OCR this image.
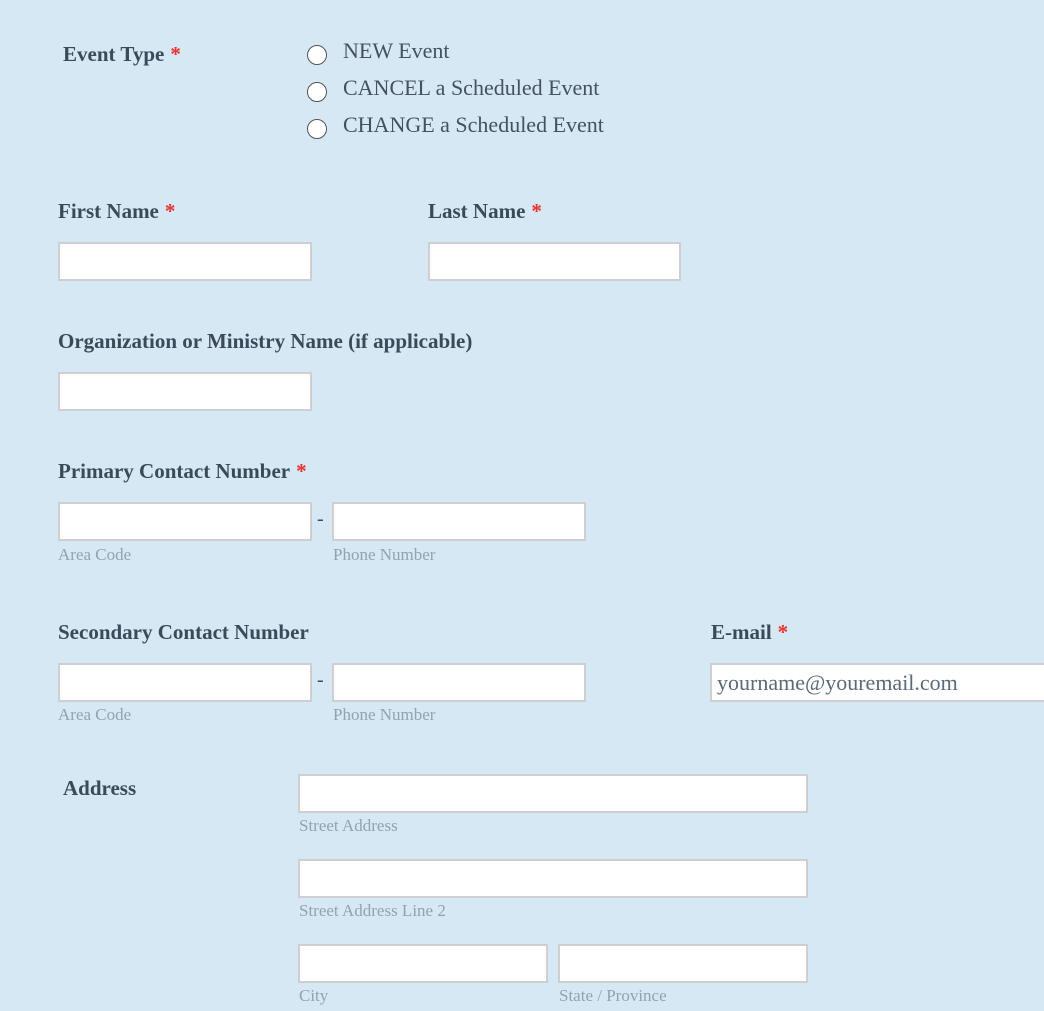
Event Type *	NEW Event
CANCEL a Scheduled Event
CHANGE a Scheduled Event
First Name *	Last Name *
Organization or Ministry Name (if applicable)
Primary Contact Number *
-
Area Code	Phone Number
Secondary Contact Number
-
Area Code	Phone Number
E-mail *
yourname@youremail.com
Address
Street Address
Street Address Line 2
City	State / Province
